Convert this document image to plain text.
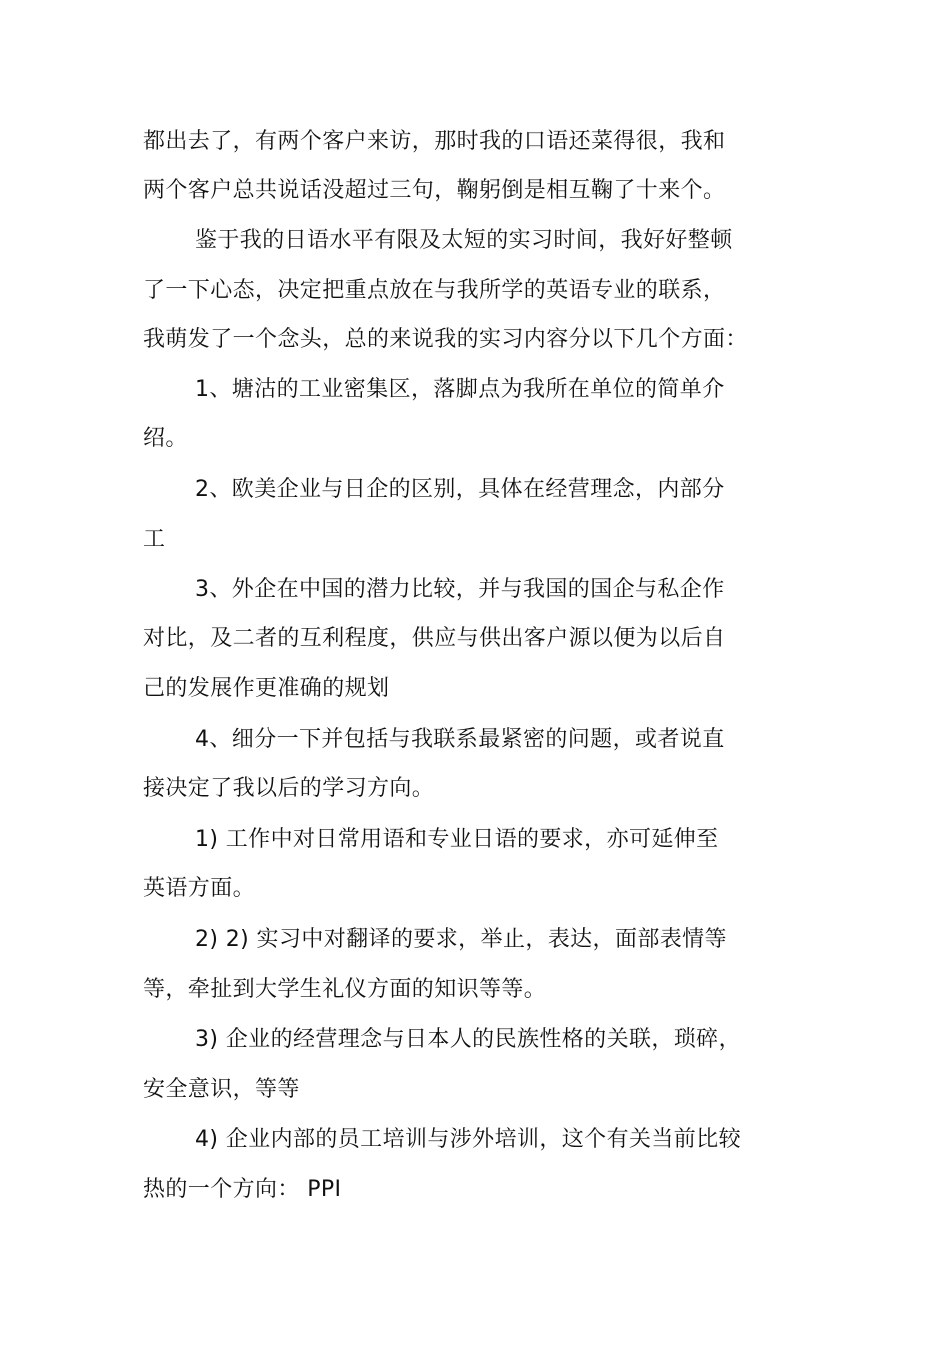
都出去了，有两个客户来访，那时我的口语还菜得很，我和
两个客户总共说话没超过三句，鞠躬倒是相互鞠了十来个。
鉴于我的日语水平有限及太短的实习时间，我好好整顿
了一下心态，决定把重点放在与我所学的英语专业的联系，
我萌发了一个念头，总的来说我的实习内容分以下几个方面：
1、塘沽的工业密集区，落脚点为我所在单位的简单介
绍。
2、欧美企业与日企的区别，具体在经营理念，内部分
工
3、外企在中国的潜力比较，并与我国的国企与私企作
对比，及二者的互利程度，供应与供出客户源以便为以后自
己的发展作更准确的规划
4、细分一下并包括与我联系最紧密的问题，或者说直
接决定了我以后的学习方向。
1) 工作中对日常用语和专业日语的要求，亦可延伸至
英语方面。
2) 2) 实习中对翻译的要求，举止，表达，面部表情等
等，牵扯到大学生礼仪方面的知识等等。
3) 企业的经营理念与日本人的民族性格的关联，琐碎，
安全意识，等等
4) 企业内部的员工培训与涉外培训，这个有关当前比较
热的一个方向： PPI
